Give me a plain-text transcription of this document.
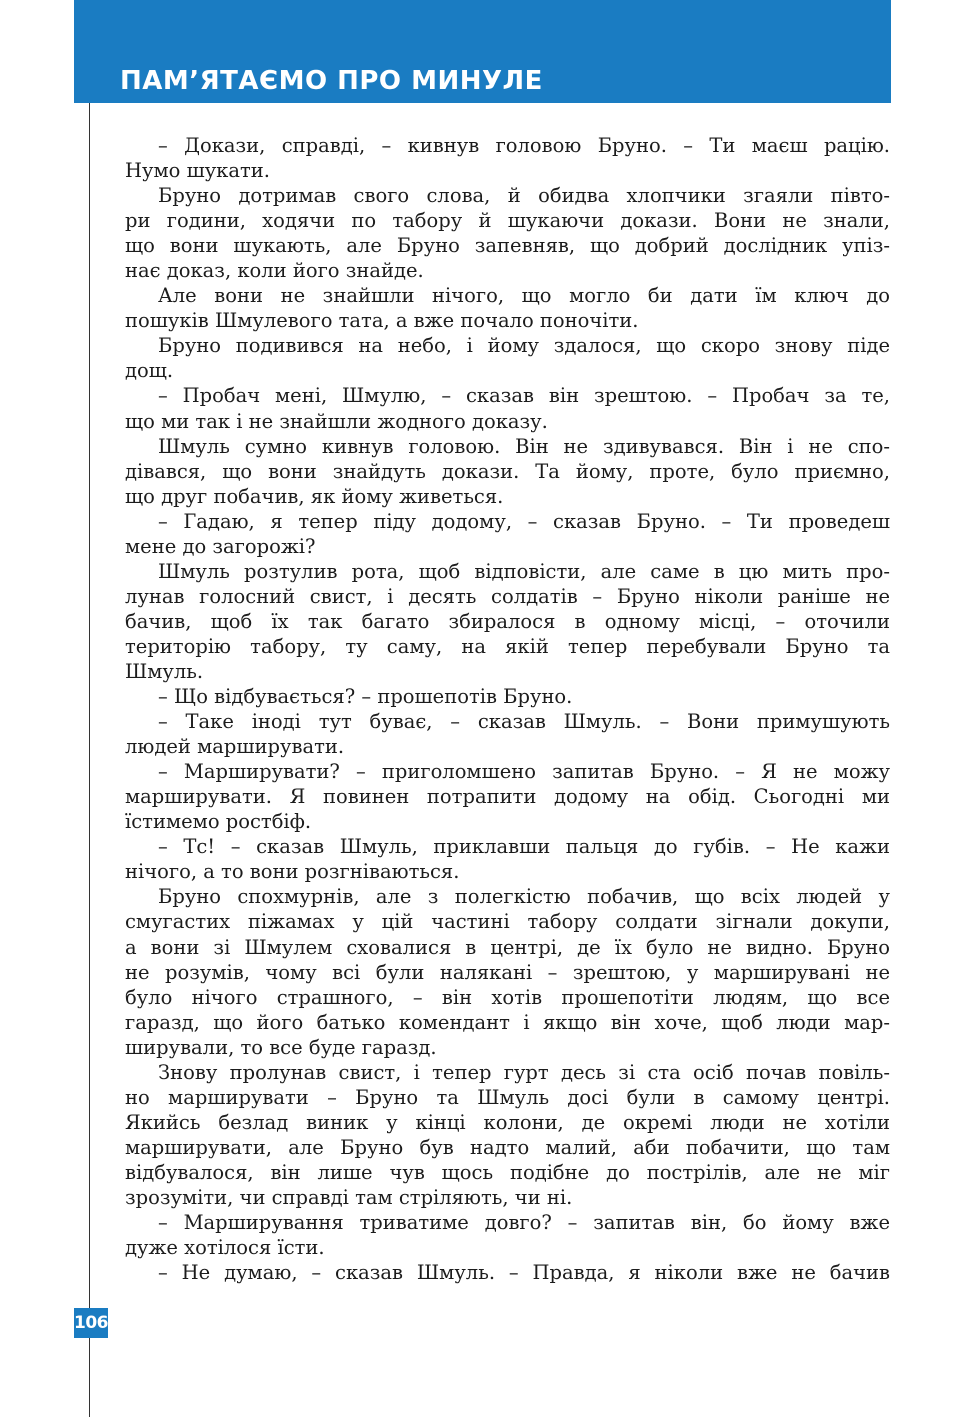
ПАМ’ЯТАЄМО ПРО МИНУЛЕ
– Докази, справді, – кивнув головою Бруно. – Ти маєш рацію.
Нумо шукати.
Бруно дотримав свого слова, й обидва хлопчики згаяли півто-
ри години, ходячи по табору й шукаючи докази. Вони не знали,
що вони шукають, але Бруно запевняв, що добрий дослідник упіз-
нає доказ, коли його знайде.
Але вони не знайшли нічого, що могло би дати їм ключ до
пошуків Шмулевого тата, а вже почало поночіти.
Бруно подивився на небо, і йому здалося, що скоро знову піде
дощ.
– Пробач мені, Шмулю, – сказав він зрештою. – Пробач за те,
що ми так і не знайшли жодного доказу.
Шмуль сумно кивнув головою. Він не здивувався. Він і не спо-
дівався, що вони знайдуть докази. Та йому, проте, було приємно,
що друг побачив, як йому живеться.
– Гадаю, я тепер піду додому, – сказав Бруно. – Ти проведеш
мене до загорожі?
Шмуль розтулив рота, щоб відповісти, але саме в цю мить про-
лунав голосний свист, і десять солдатів – Бруно ніколи раніше не
бачив, щоб їх так багато збиралося в одному місці, – оточили
територію табору, ту саму, на якій тепер перебували Бруно та
Шмуль.
– Що відбувається? – прошепотів Бруно.
– Таке іноді тут буває, – сказав Шмуль. – Вони примушують
людей марширувати.
– Марширувати? – приголомшено запитав Бруно. – Я не можу
марширувати. Я повинен потрапити додому на обід. Сьогодні ми
їстимемо ростбіф.
– Тс! – сказав Шмуль, приклавши пальця до губів. – Не кажи
нічого, а то вони розгніваються.
Бруно спохмурнів, але з полегкістю побачив, що всіх людей у
смугастих піжамах у цій частині табору солдати зігнали докупи,
а вони зі Шмулем сховалися в центрі, де їх було не видно. Бруно
не розумів, чому всі були налякані – зрештою, у марширувані не
було нічого страшного, – він хотів прошепотіти людям, що все
гаразд, що його батько комендант і якщо він хоче, щоб люди мар-
ширували, то все буде гаразд.
Знову пролунав свист, і тепер гурт десь зі ста осіб почав повіль-
но марширувати – Бруно та Шмуль досі були в самому центрі.
Якийсь безлад виник у кінці колони, де окремі люди не хотіли
марширувати, але Бруно був надто малий, аби побачити, що там
відбувалося, він лише чув щось подібне до пострілів, але не міг
зрозуміти, чи справді там стріляють, чи ні.
– Марширування триватиме довго? – запитав він, бо йому вже
дуже хотілося їсти.
– Не думаю, – сказав Шмуль. – Правда, я ніколи вже не бачив
106
